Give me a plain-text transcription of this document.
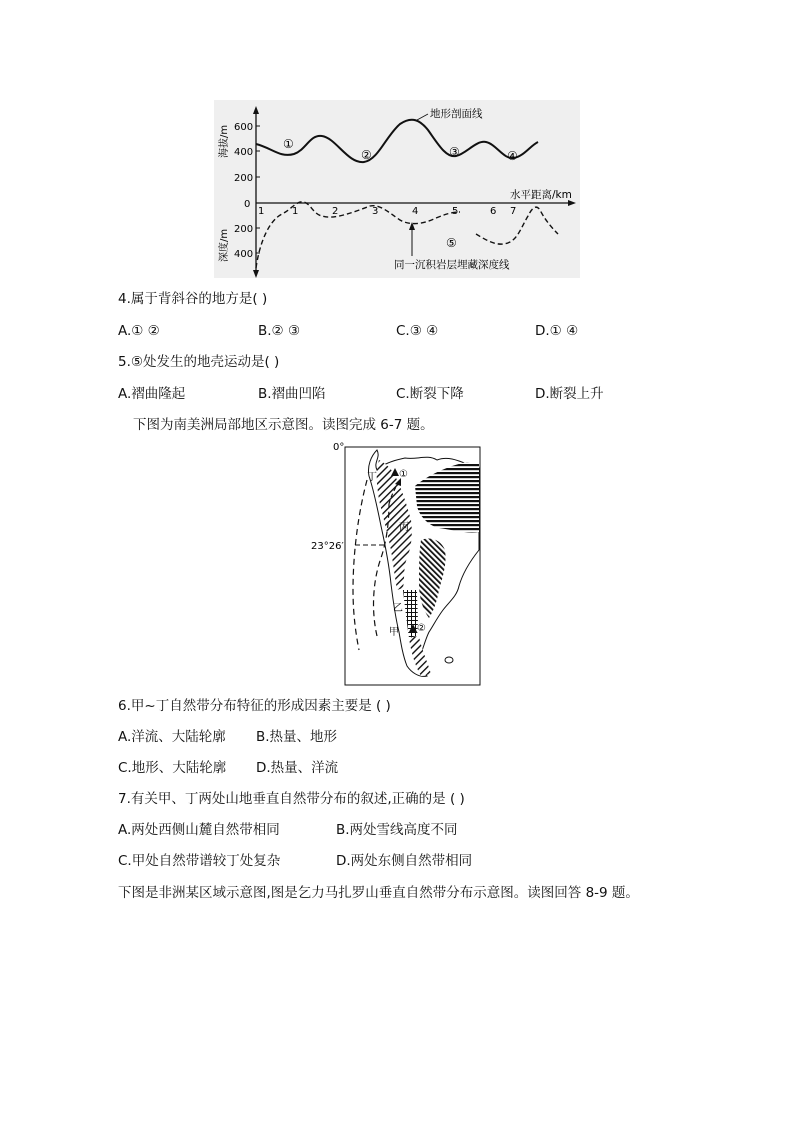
600
400
200
0
200
400
海拔/m
深度/m
1	1	2	3	4	5	6 7
水平距离/km
地形剖面线
①
②	③	④
⑤
同一沉积岩层埋藏深度线
4.属于背斜谷的地方是( )
A.① ②	B.② ③	C.③ ④	D.① ④
5.⑤处发生的地壳运动是( )
A.褶曲隆起	B.褶曲凹陷	C.断裂下降	D.断裂上升
下图为南美洲局部地区示意图。读图完成 6-7 题。
0°
23°26′
丁 ①
丙
乙
甲 ②
6.甲~丁自然带分布特征的形成因素主要是 ( )
A.洋流、大陆轮廓 B.热量、地形
C.地形、大陆轮廓 D.热量、洋流
7.有关甲、丁两处山地垂直自然带分布的叙述,正确的是 ( )
A.两处西侧山麓自然带相同	B.两处雪线高度不同
C.甲处自然带谱较丁处复杂	D.两处东侧自然带相同
下图是非洲某区域示意图,图是乞力马扎罗山垂直自然带分布示意图。读图回答 8-9 题。
